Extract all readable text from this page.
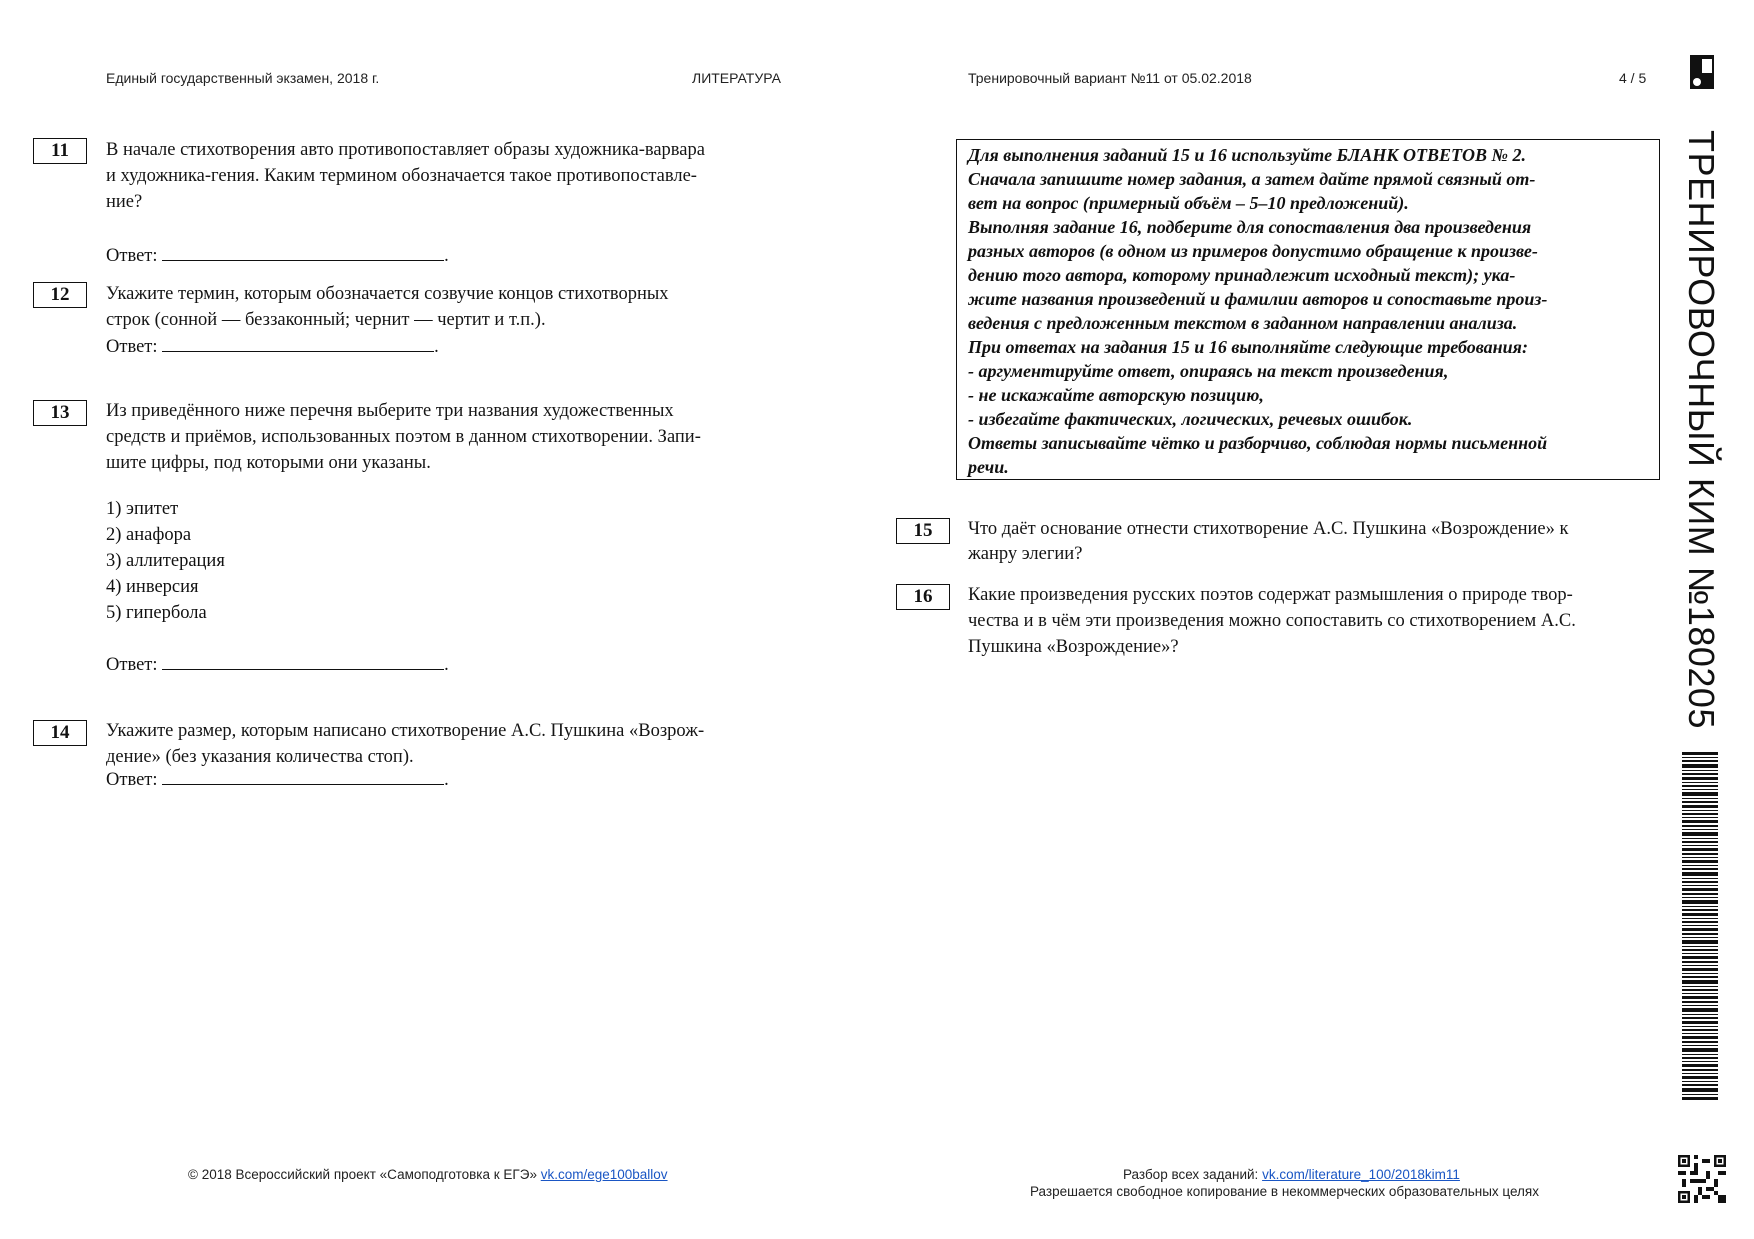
Единый государственный экзамен, 2018 г.	ЛИТЕРАТУРА	Тренировочный вариант №11 от 05.02.2018	4 / 5
11	В начале стихотворения авто противопоставляет образы художника-варвара
и художника-гения. Каким термином обозначается такое противопоставле-
ние?
Ответ:	.
12	Укажите термин, которым обозначается созвучие концов стихотворных
строк (сонной — беззаконный; чернит — чертит и т.п.).
Ответ:	.
13	Из приведённого ниже перечня выберите три названия художественных
средств и приёмов, использованных поэтом в данном стихотворении. Запи-
шите цифры, под которыми они указаны.
1) эпитет
2) анафора
3) аллитерация
4) инверсия
5) гипербола
Ответ:	.
14	Укажите размер, которым написано стихотворение А.С. Пушкина «Возрож-
дение» (без указания количества стоп).
Ответ:	.

Для выполнения заданий 15 и 16 используйте БЛАНК ОТВЕТОВ № 2.

Сначала запишите номер задания, а затем дайте прямой связный от-

вет на вопрос (примерный объём – 5–10 предложений).

Выполняя задание 16, подберите для сопоставления два произведения

разных авторов (в одном из примеров допустимо обращение к произве-

дению того автора, которому принадлежит исходный текст); ука-

жите названия произведений и фамилии авторов и сопоставьте произ-

ведения с предложенным текстом в заданном направлении анализа.

При ответах на задания 15 и 16 выполняйте следующие требования:

- аргументируйте ответ, опираясь на текст произведения,

- не искажайте авторскую позицию,

- избегайте фактических, логических, речевых ошибок.

Ответы записывайте чётко и разборчиво, соблюдая нормы письменной

речи.

15	Что даёт основание отнести стихотворение А.С. Пушкина «Возрождение» к
жанру элегии?
16	Какие произведения русских поэтов содержат размышления о природе твор-
чества и в чём эти произведения можно сопоставить со стихотворением А.С.
Пушкина «Возрождение»?	ТРЕНИРОВОЧНЫЙ КИМ №180205
© 2018 Всероссийский проект «Самоподготовка к ЕГЭ» vk.com/ege100ballov	Разбор всех заданий: vk.com/literature_100/2018kim11
Разрешается свободное копирование в некоммерческих образовательных целях
